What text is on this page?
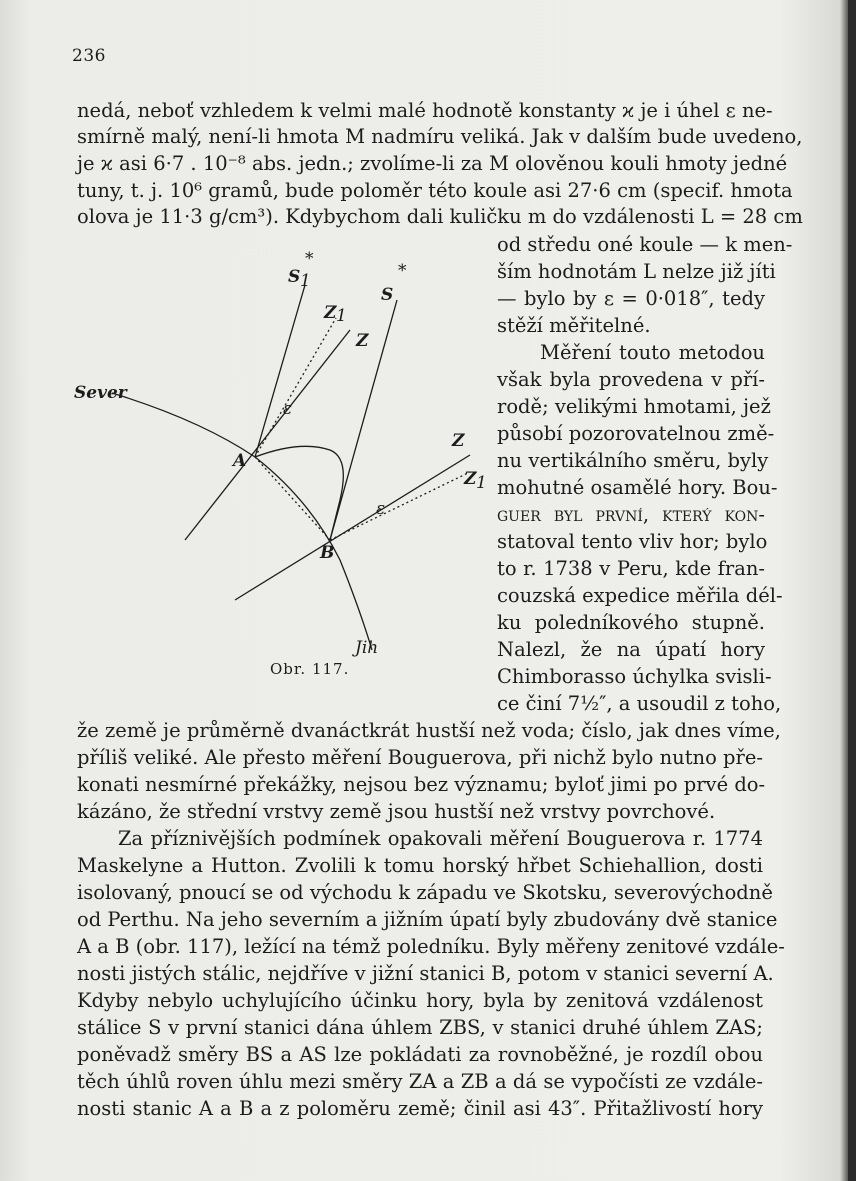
236
nedá, neboť vzhledem k velmi malé hodnotě konstanty ϰ je i úhel ε ne-
smírně malý, není-li hmota M nadmíru veliká. Jak v dalším bude uvedeno,
je ϰ asi 6·7 . 10⁻⁸ abs. jedn.; zvolíme-li za M olověnou kouli hmoty jedné
tuny, t. j. 10⁶ gramů, bude poloměr této koule asi 27·6 cm (specif. hmota
olova je 11·3 g/cm³). Kdybychom dali kuličku m do vzdálenosti L = 28 cm
od středu oné koule — k men-
ším hodnotám L nelze již jíti
— bylo by ε = 0·018″, tedy
stěží měřitelné.
Měření touto metodou
však byla provedena v pří-
rodě; velikými hmotami, jež
působí pozorovatelnou změ-
nu vertikálního směru, byly
mohutné osamělé hory. Bou-
guer byl první, který kon-
statoval tento vliv hor; bylo
to r. 1738 v Peru, kde fran-
couzská expedice měřila dél-
ku poledníkového stupně.
Nalezl, že na úpatí hory
Chimborasso úchylka svisli-
ce činí 7½″, a usoudil z toho,
že země je průměrně dvanáctkrát hustší než voda; číslo, jak dnes víme,
příliš veliké. Ale přesto měření Bouguerova, při nichž bylo nutno pře-
konati nesmírné překážky, nejsou bez významu; byloť jimi po prvé do-
kázáno, že střední vrstvy země jsou hustší než vrstvy povrchové.
Za příznivějších podmínek opakovali měření Bouguerova r. 1774
Maskelyne a Hutton. Zvolili k tomu horský hřbet Schiehallion, dosti
isolovaný, pnoucí se od východu k západu ve Skotsku, severovýchodně
od Perthu. Na jeho severním a jižním úpatí byly zbudovány dvě stanice
A a B (obr. 117), ležící na témž poledníku. Byly měřeny zenitové vzdále-
nosti jistých stálic, nejdříve v jižní stanici B, potom v stanici severní A.
Kdyby nebylo uchylujícího účinku hory, byla by zenitová vzdálenost
stálice S v první stanici dána úhlem ZBS, v stanici druhé úhlem ZAS;
poněvadž směry BS a AS lze pokládati za rovnoběžné, je rozdíl obou
těch úhlů roven úhlu mezi směry ZA a ZB a dá se vypočísti ze vzdále-
nosti stanic A a B a z poloměru země; činil asi 43″. Přitažlivostí hory
Sever
Jih
A
B
S 1
S
Z 1
Z
Z
Z 1
ε
ε
*
*
Obr. 117.
